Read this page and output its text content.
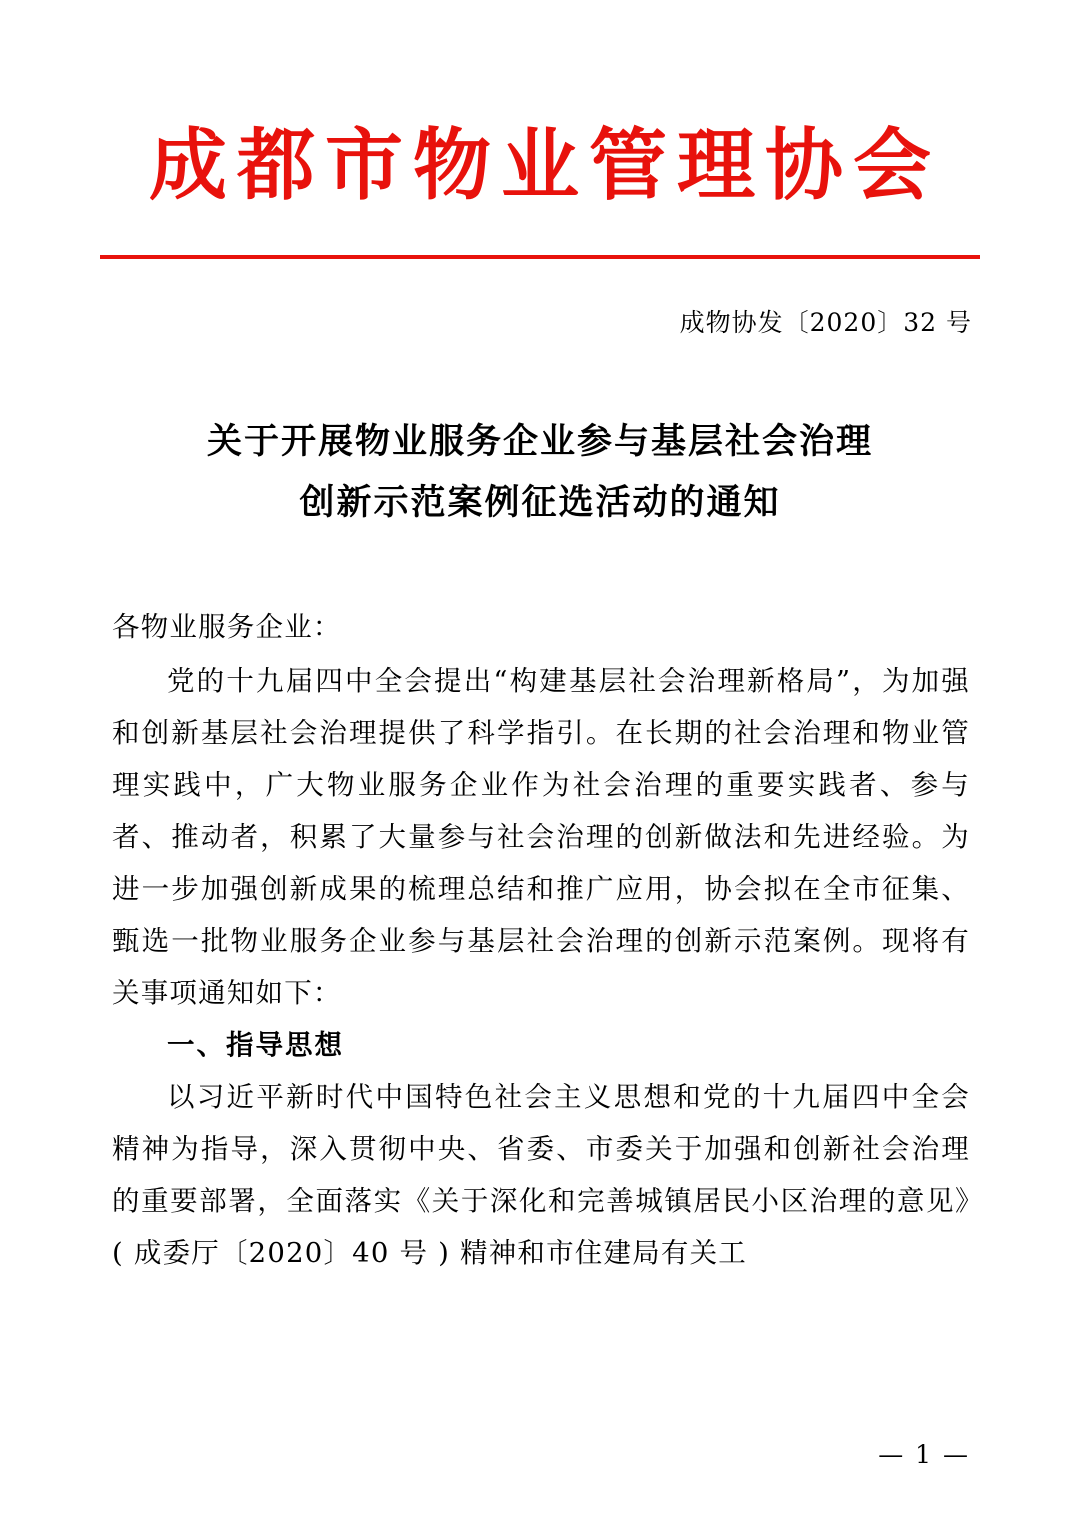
成都市物业管理协会
成物协发〔2020〕32 号
关于开展物业服务企业参与基层社会治理
创新示范案例征选活动的通知

各物业服务企业：

党的十九届四中全会提出“构建基层社会治理新格局”，为加强和创新基层社会治理提供了科学指引。在长期的社会治理和物业管理实践中，广大物业服务企业作为社会治理的重要实践者、参与者、推动者，积累了大量参与社会治理的创新做法和先进经验。为进一步加强创新成果的梳理总结和推广应用，协会拟在全市征集、甄选一批物业服务企业参与基层社会治理的创新示范案例。现将有关事项通知如下：

一、指导思想

以习近平新时代中国特色社会主义思想和党的十九届四中全会精神为指导，深入贯彻中央、省委、市委关于加强和创新社会治理的重要部署，全面落实《关于深化和完善城镇居民小区治理的意见》( 成委厅〔2020〕40 号 ) 精神和市住建局有关工

— 1 —
